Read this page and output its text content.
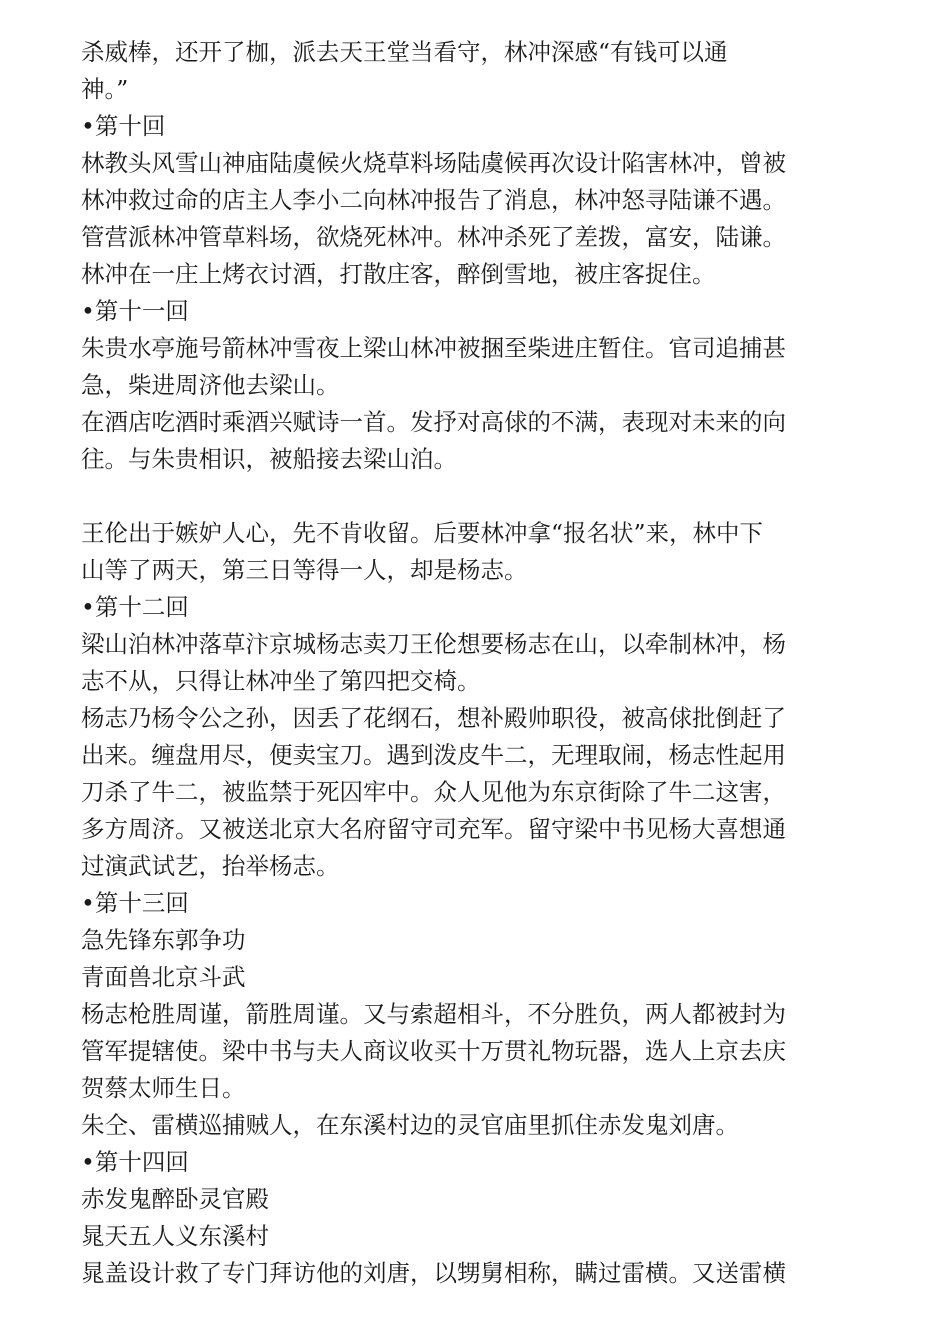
杀威棒，还开了枷，派去天王堂当看守，林冲深感“有钱可以通
神。”
•第十回
林教头风雪山神庙陆虞候火烧草料场陆虞候再次设计陷害林冲，曾被
林冲救过命的店主人李小二向林冲报告了消息，林冲怒寻陆谦不遇。
管营派林冲管草料场，欲烧死林冲。林冲杀死了差拨，富安，陆谦。
林冲在一庄上烤衣讨酒，打散庄客，醉倒雪地，被庄客捉住。
•第十一回
朱贵水亭施号箭林冲雪夜上梁山林冲被捆至柴进庄暂住。官司追捕甚
急，柴进周济他去梁山。
在酒店吃酒时乘酒兴赋诗一首。发抒对高俅的不满，表现对未来的向
往。与朱贵相识，被船接去梁山泊。
王伦出于嫉妒人心，先不肯收留。后要林冲拿“报名状”来，林中下
山等了两天，第三日等得一人，却是杨志。
•第十二回
梁山泊林冲落草汴京城杨志卖刀王伦想要杨志在山，以牵制林冲，杨
志不从，只得让林冲坐了第四把交椅。
杨志乃杨令公之孙，因丢了花纲石，想补殿帅职役，被高俅批倒赶了
出来。缠盘用尽，便卖宝刀。遇到泼皮牛二，无理取闹，杨志性起用
刀杀了牛二，被监禁于死囚牢中。众人见他为东京街除了牛二这害，
多方周济。又被送北京大名府留守司充军。留守梁中书见杨大喜想通
过演武试艺，抬举杨志。
•第十三回
急先锋东郭争功
青面兽北京斗武
杨志枪胜周谨，箭胜周谨。又与索超相斗，不分胜负，两人都被封为
管军提辖使。梁中书与夫人商议收买十万贯礼物玩器，选人上京去庆
贺蔡太师生日。
朱仝、雷横巡捕贼人，在东溪村边的灵官庙里抓住赤发鬼刘唐。
•第十四回
赤发鬼醉卧灵官殿
晁天五人义东溪村
晁盖设计救了专门拜访他的刘唐，以甥舅相称，瞒过雷横。又送雷横
